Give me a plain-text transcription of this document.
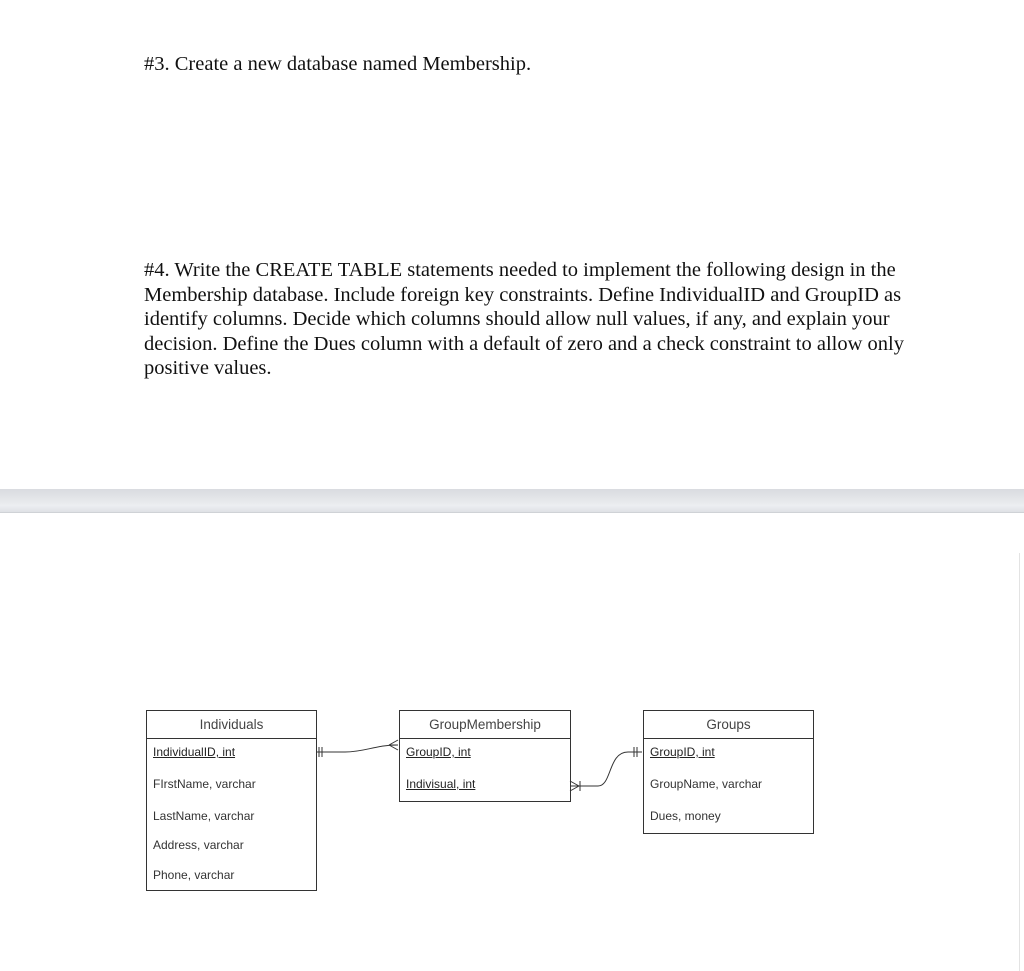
#3. Create a new database named Membership.
#4. Write the CREATE TABLE statements needed to implement the following design in the Membership database. Include foreign key constraints. Define IndividualID and GroupID as identify columns. Decide which columns should allow null values, if any, and explain your decision. Define the Dues column with a default of zero and a check constraint to allow only positive values.
Individuals
IndividualID, int
FIrstName, varchar
LastName, varchar
Address, varchar
Phone, varchar
GroupMembership
GroupID, int
Indivisual, int
Groups
GroupID, int
GroupName, varchar
Dues, money
